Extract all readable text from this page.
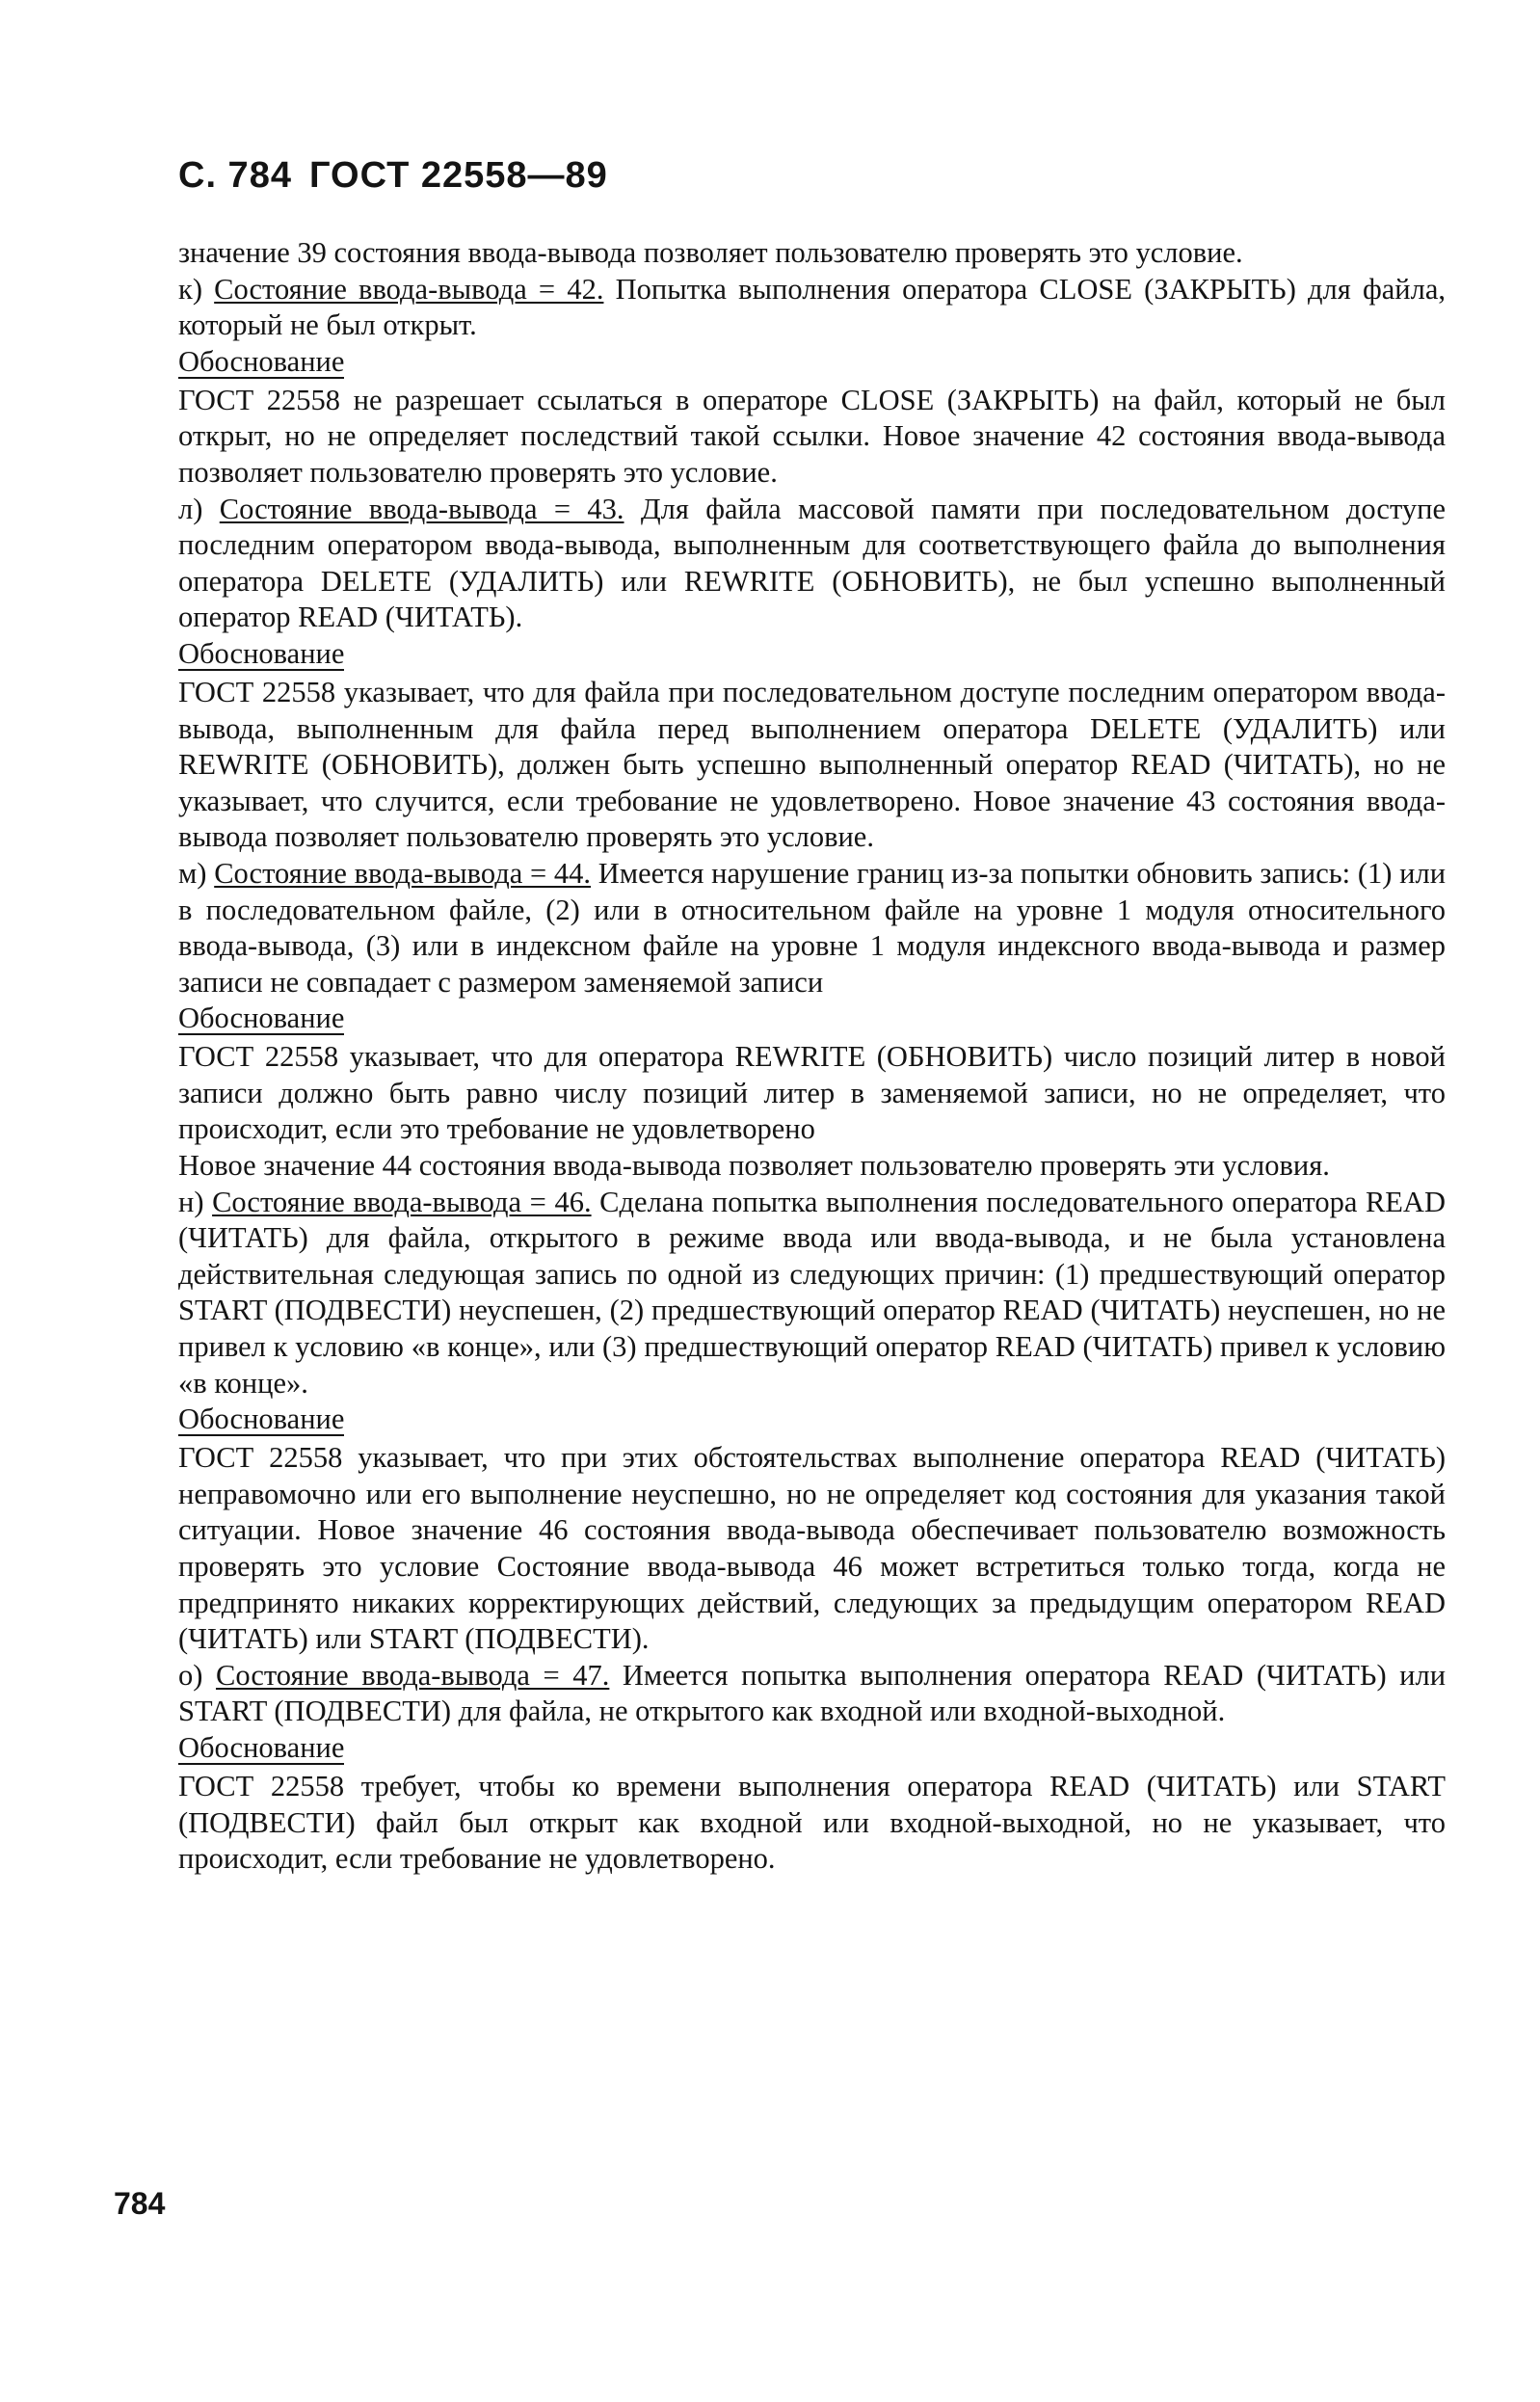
С. 784 ГОСТ 22558—89

значение 39 состояния ввода-вывода позволяет пользователю проверять это условие.

к) Состояние ввода-вывода = 42. Попытка выполнения оператора CLOSE (ЗАКРЫТЬ) для файла, который не был открыт.

Обоснование

ГОСТ 22558 не разрешает ссылаться в операторе CLOSE (ЗАКРЫТЬ) на файл, который не был открыт, но не определяет последствий такой ссылки. Новое значение 42 состояния ввода-вывода позволяет пользователю проверять это условие.

л) Состояние ввода-вывода = 43. Для файла массовой памяти при последовательном доступе последним оператором ввода-вывода, выполненным для соответствующего файла до выполнения оператора DELETE (УДАЛИТЬ) или REWRITE (ОБНОВИТЬ), не был успешно выполненный оператор READ (ЧИТАТЬ).

Обоснование

ГОСТ 22558 указывает, что для файла при последовательном доступе последним оператором ввода-вывода, выполненным для файла перед выполнением оператора DELETE (УДАЛИТЬ) или REWRITE (ОБНОВИТЬ), должен быть успешно выполненный оператор READ (ЧИТАТЬ), но не указывает, что случится, если требование не удовлетворено. Новое значение 43 состояния ввода-вывода позволяет пользователю проверять это условие.

м) Состояние ввода-вывода = 44. Имеется нарушение границ из-за попытки обновить запись: (1) или в последовательном файле, (2) или в относительном файле на уровне 1 модуля относительного ввода-вывода, (3) или в индексном файле на уровне 1 модуля индексного ввода-вывода и размер записи не совпадает с размером заменяемой записи

Обоснование

ГОСТ 22558 указывает, что для оператора REWRITE (ОБНОВИТЬ) число позиций литер в новой записи должно быть равно числу позиций литер в заменяемой записи, но не определяет, что происходит, если это требование не удовлетворено

Новое значение 44 состояния ввода-вывода позволяет пользователю проверять эти условия.

н) Состояние ввода-вывода = 46. Сделана попытка выполнения последовательного оператора READ (ЧИТАТЬ) для файла, открытого в режиме ввода или ввода-вывода, и не была установлена действительная следующая запись по одной из следующих причин: (1) предшествующий оператор START (ПОДВЕСТИ) неуспешен, (2) предшествующий оператор READ (ЧИТАТЬ) неуспешен, но не привел к условию «в конце», или (3) предшествующий оператор READ (ЧИТАТЬ) привел к условию «в конце».

Обоснование

ГОСТ 22558 указывает, что при этих обстоятельствах выполнение оператора READ (ЧИТАТЬ) неправомочно или его выполнение неуспешно, но не определяет код состояния для указания такой ситуации. Новое значение 46 состояния ввода-вывода обеспечивает пользователю возможность проверять это условие Состояние ввода-вывода 46 может встретиться только тогда, когда не предпринято никаких корректирующих действий, следующих за предыдущим оператором READ (ЧИТАТЬ) или START (ПОДВЕСТИ).

о) Состояние ввода-вывода = 47. Имеется попытка выполнения оператора READ (ЧИТАТЬ) или START (ПОДВЕСТИ) для файла, не открытого как входной или входной-выходной.

Обоснование

ГОСТ 22558 требует, чтобы ко времени выполнения оператора READ (ЧИТАТЬ) или START (ПОДВЕСТИ) файл был открыт как входной или входной-выходной, но не указывает, что происходит, если требование не удовлетворено.

784
